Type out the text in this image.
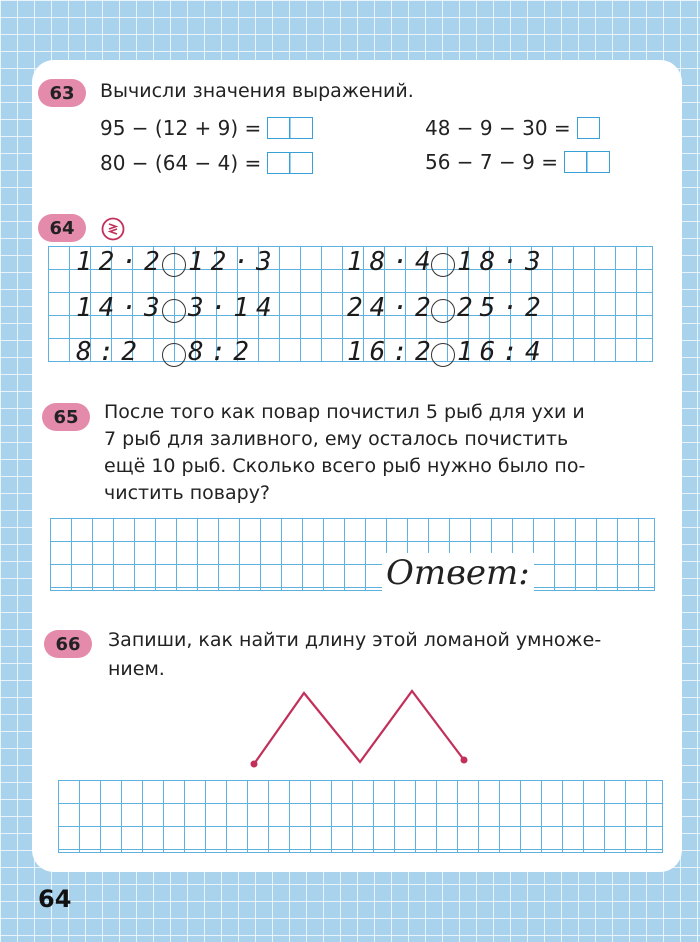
63	Вычисли значения выражений.
95 − (12 + 9) =
80 − (64 − 4) =
48 − 9 − 30 =
56 − 7 − 9 =
64
12·2 12·3	18·4 18·3
14·3 3·14	24·2 25·2
8:2 8:2	16:2 16:4
65	После того как повар почистил 5 рыб для ухи и
7 рыб для заливного, ему осталось почистить
ещё 10 рыб. Сколько всего рыб нужно было по-
чистить повару?
Ответ:
66	Запиши, как найти длину этой ломаной умноже-
нием.
64
